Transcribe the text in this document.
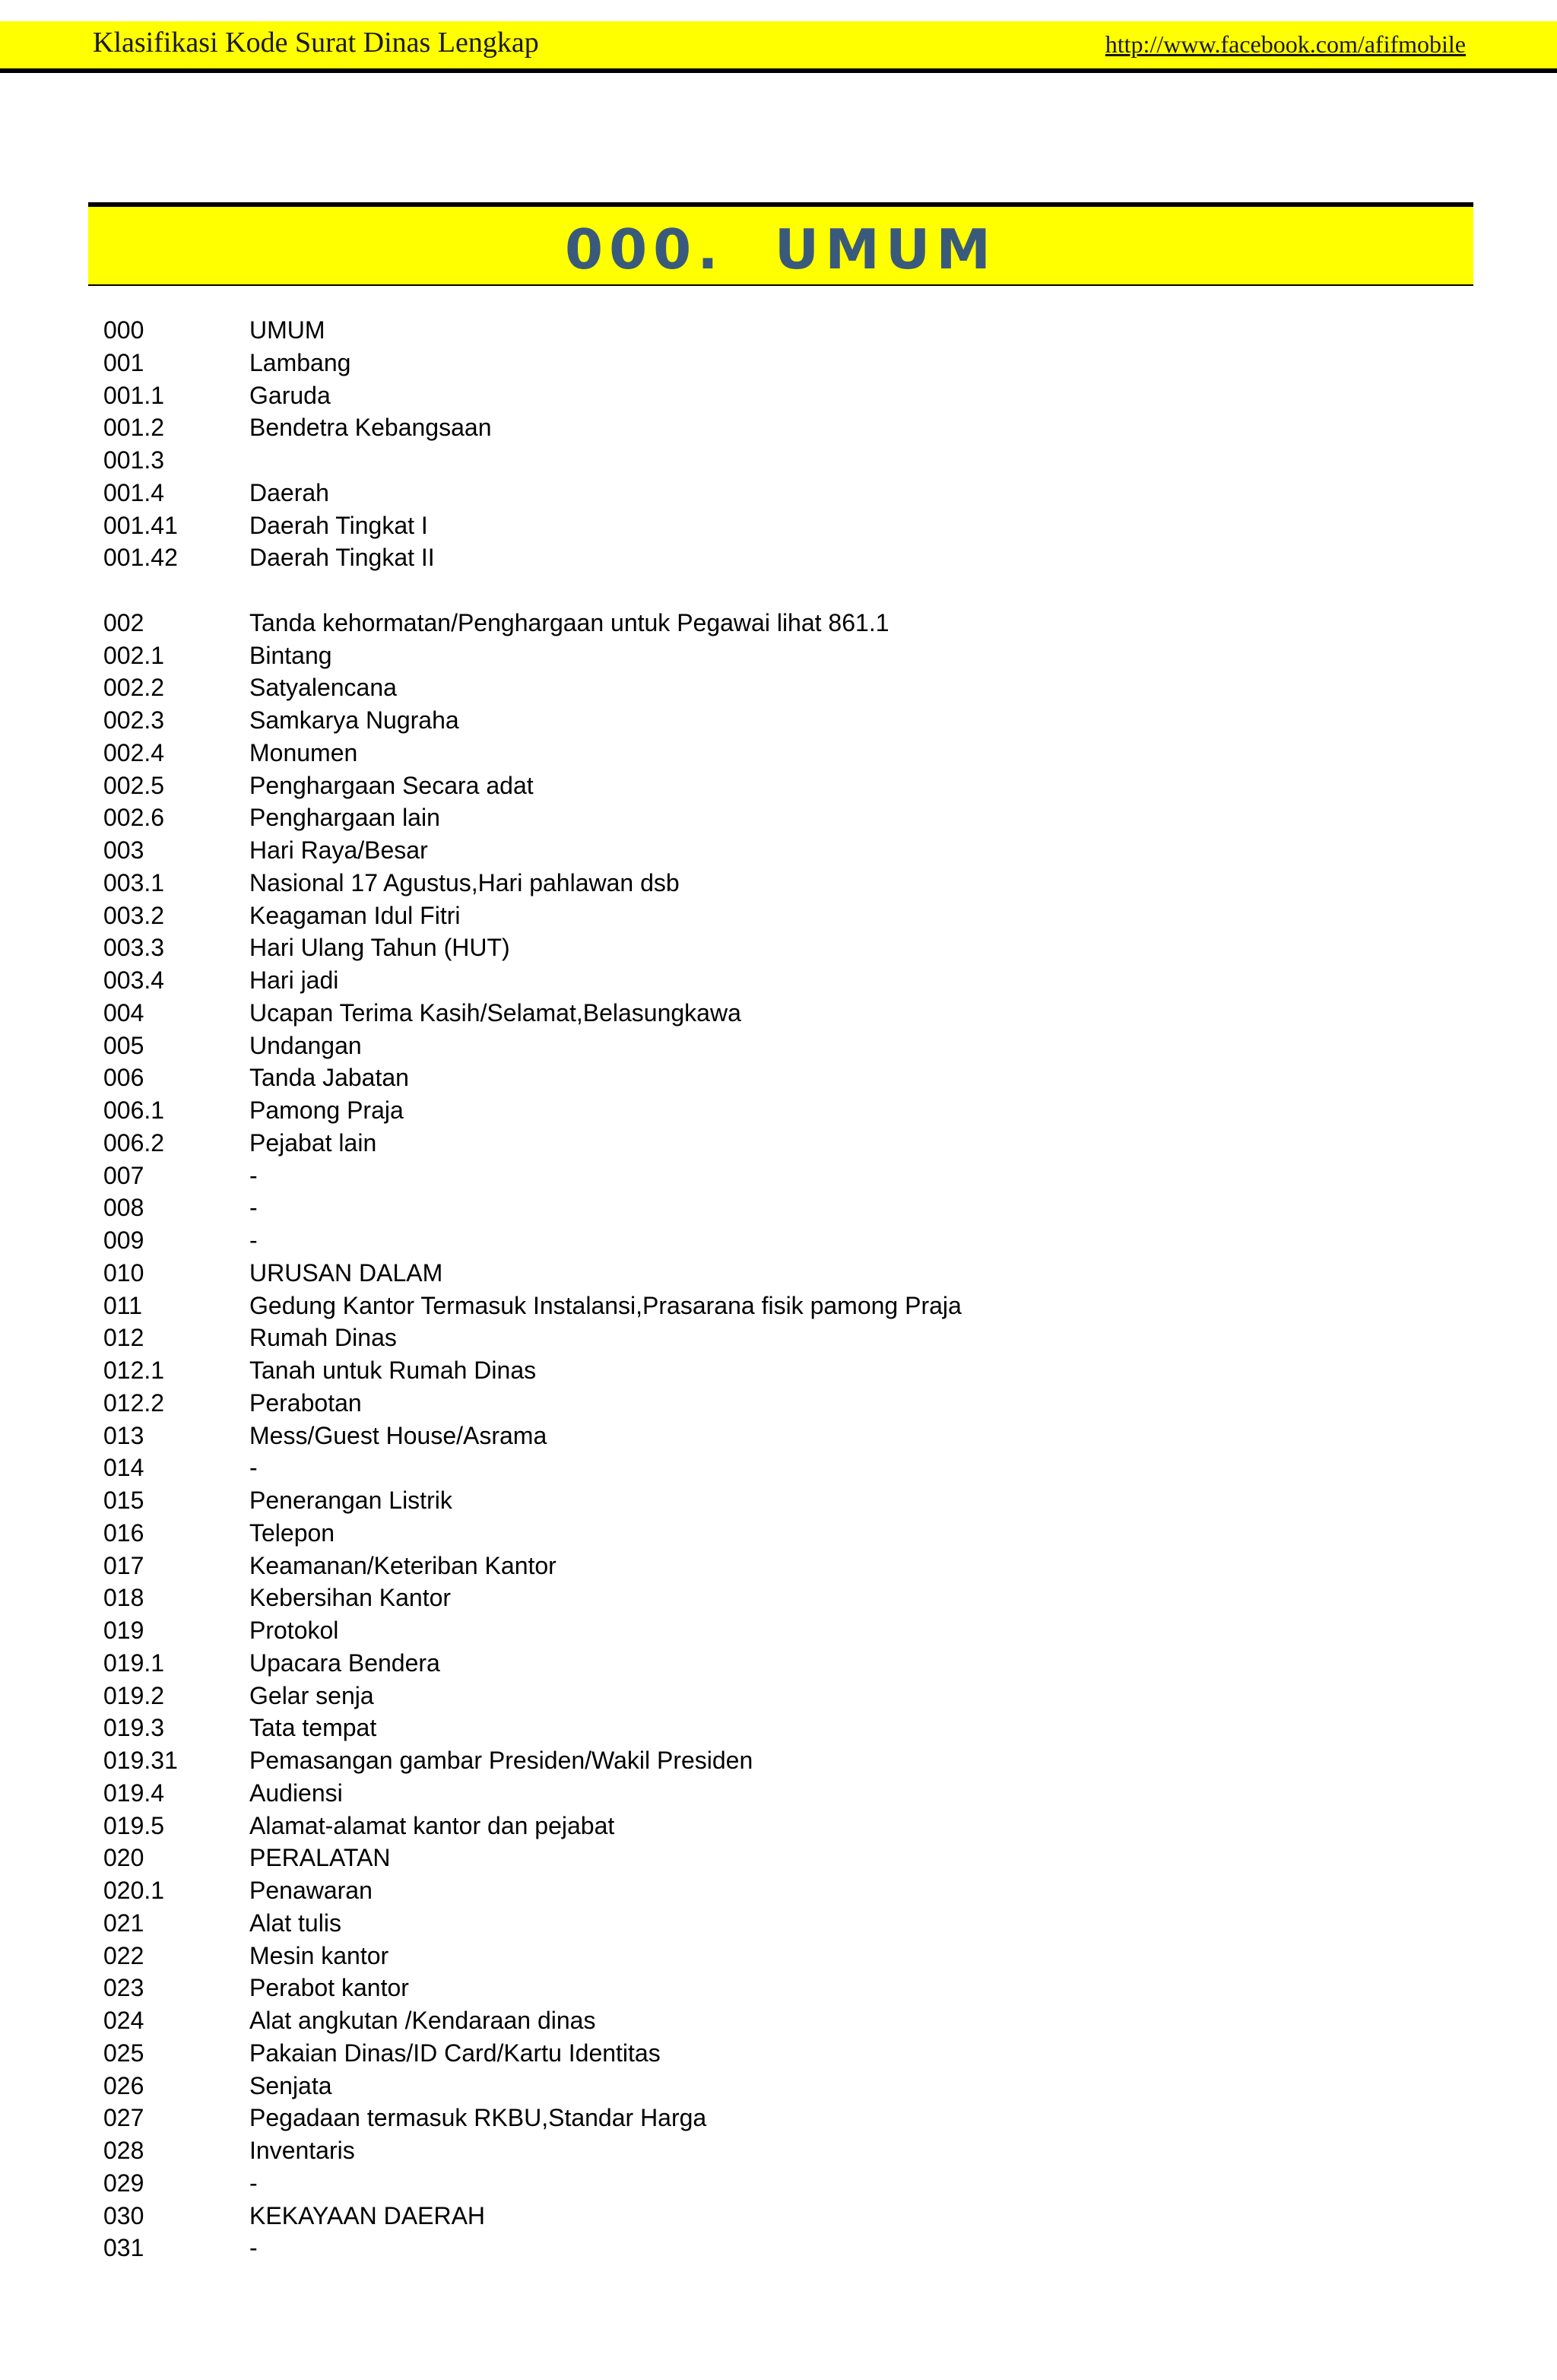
Klasifikasi Kode Surat Dinas Lengkap	http://www.facebook.com/afifmobile
000.  UMUM
000	UMUM
001	Lambang
001.1	Garuda
001.2	Bendetra Kebangsaan
001.3
001.4	Daerah
001.41	Daerah Tingkat I
001.42	Daerah Tingkat II
002	Tanda kehormatan/Penghargaan untuk Pegawai lihat 861.1
002.1	Bintang
002.2	Satyalencana
002.3	Samkarya Nugraha
002.4	Monumen
002.5	Penghargaan Secara adat
002.6	Penghargaan lain
003	Hari Raya/Besar
003.1	Nasional 17 Agustus,Hari pahlawan dsb
003.2	Keagaman Idul Fitri
003.3	Hari Ulang Tahun (HUT)
003.4	Hari jadi
004	Ucapan Terima Kasih/Selamat,Belasungkawa
005	Undangan
006	Tanda Jabatan
006.1	Pamong Praja
006.2	Pejabat lain
007	-
008	-
009	-
010	URUSAN DALAM
011	Gedung Kantor Termasuk Instalansi,Prasarana fisik pamong Praja
012	Rumah Dinas
012.1	Tanah untuk Rumah Dinas
012.2	Perabotan
013	Mess/Guest House/Asrama
014	-
015	Penerangan Listrik
016	Telepon
017	Keamanan/Keteriban Kantor
018	Kebersihan Kantor
019	Protokol
019.1	Upacara Bendera
019.2	Gelar senja
019.3	Tata tempat
019.31	Pemasangan gambar Presiden/Wakil Presiden
019.4	Audiensi
019.5	Alamat-alamat kantor dan pejabat
020	PERALATAN
020.1	Penawaran
021	Alat tulis
022	Mesin kantor
023	Perabot kantor
024	Alat angkutan /Kendaraan dinas
025	Pakaian Dinas/ID Card/Kartu Identitas
026	Senjata
027	Pegadaan termasuk RKBU,Standar Harga
028	Inventaris
029	-
030	KEKAYAAN DAERAH
031	-
